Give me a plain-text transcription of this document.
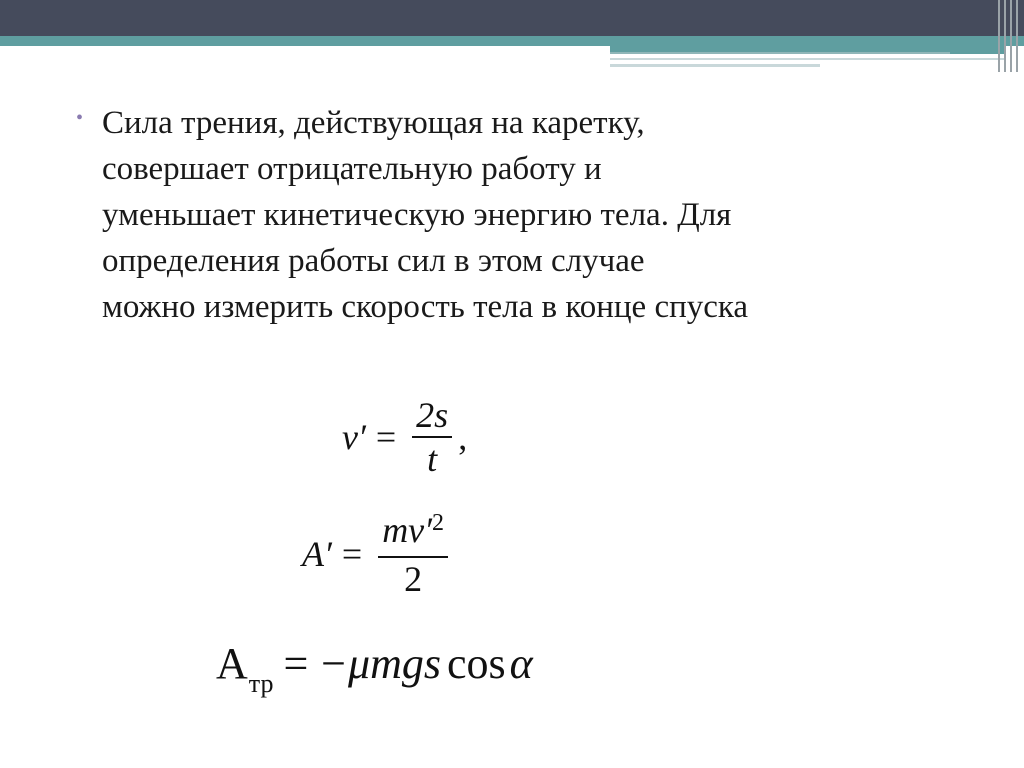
• Сила трения, действующая на каретку,
совершает отрицательную работу и
уменьшает кинетическую энергию тела. Для
определения работы сил в этом случае
можно измерить скорость тела в конце спуска
$v' = \frac{2s}{t}$ ,
$A' = \frac{mv'^2}{2}$
$A_{тр} = -\mu mgs$ cos α
